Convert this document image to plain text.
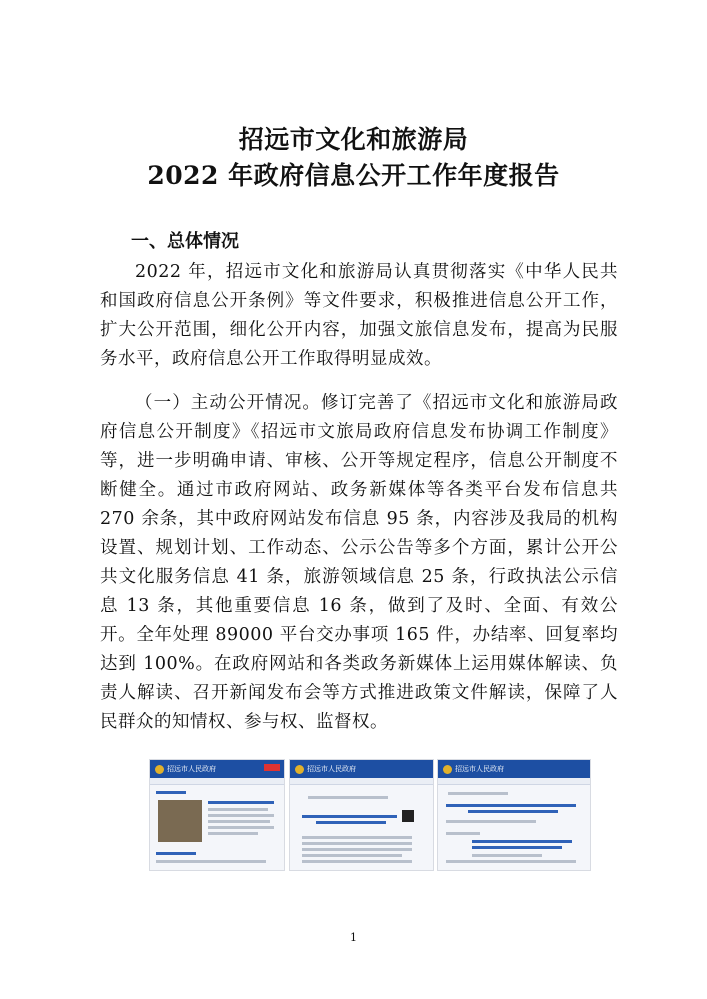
招远市文化和旅游局
2022 年政府信息公开工作年度报告
一、总体情况
2022 年，招远市文化和旅游局认真贯彻落实《中华人民共和国政府信息公开条例》等文件要求，积极推进信息公开工作，扩大公开范围，细化公开内容，加强文旅信息发布，提高为民服务水平，政府信息公开工作取得明显成效。
（一）主动公开情况。修订完善了《招远市文化和旅游局政府信息公开制度》《招远市文旅局政府信息发布协调工作制度》等，进一步明确申请、审核、公开等规定程序，信息公开制度不断健全。通过市政府网站、政务新媒体等各类平台发布信息共 270 余条，其中政府网站发布信息 95 条，内容涉及我局的机构设置、规划计划、工作动态、公示公告等多个方面，累计公开公共文化服务信息 41 条，旅游领域信息 25 条，行政执法公示信息 13 条，其他重要信息 16 条，做到了及时、全面、有效公开。全年处理 89000 平台交办事项 165 件，办结率、回复率均达到 100%。在政府网站和各类政务新媒体上运用媒体解读、负责人解读、召开新闻发布会等方式推进政策文件解读，保障了人民群众的知情权、参与权、监督权。
招远市人民政府	招远市人民政府	招远市人民政府
1
